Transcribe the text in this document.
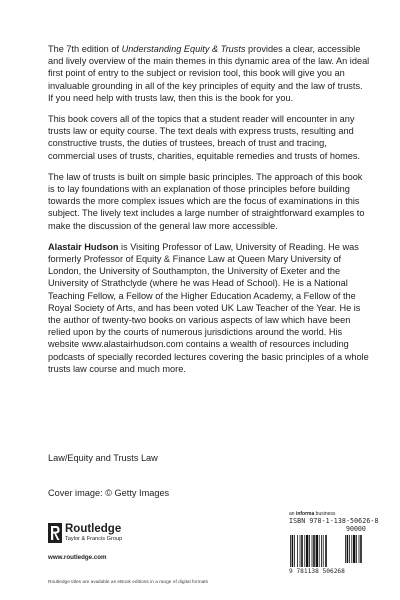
The 7th edition of Understanding Equity & Trusts provides a clear, accessible and lively overview of the main themes in this dynamic area of the law. An ideal first point of entry to the subject or revision tool, this book will give you an invaluable grounding in all of the key principles of equity and the law of trusts. If you need help with trusts law, then this is the book for you.

This book covers all of the topics that a student reader will encounter in any trusts law or equity course. The text deals with express trusts, resulting and constructive trusts, the duties of trustees, breach of trust and tracing, commercial uses of trusts, charities, equitable remedies and trusts of homes.

The law of trusts is built on simple basic principles. The approach of this book is to lay foundations with an explanation of those principles before building towards the more complex issues which are the focus of examinations in this subject. The lively text includes a large number of straightforward examples to make the discussion of the general law more accessible.

Alastair Hudson is Visiting Professor of Law, University of Reading. He was formerly Professor of Equity & Finance Law at Queen Mary University of London, the University of Southampton, the University of Exeter and the University of Strathclyde (where he was Head of School). He is a National Teaching Fellow, a Fellow of the Higher Education Academy, a Fellow of the Royal Society of Arts, and has been voted UK Law Teacher of the Year. He is the author of twenty-two books on various aspects of law which have been relied upon by the courts of numerous jurisdictions around the world. His website www.alastairhudson.com contains a wealth of resources including podcasts of specially recorded lectures covering the basic principles of a whole trusts law course and much more.

Law/Equity and Trusts Law
Cover image: © Getty Images
an informa business
ISBN 978-1-138-50626-8
90000
9 781138 506268
Routledge
Taylor & Francis Group
www.routledge.com
Routledge titles are available as eBook editions in a range of digital formats
